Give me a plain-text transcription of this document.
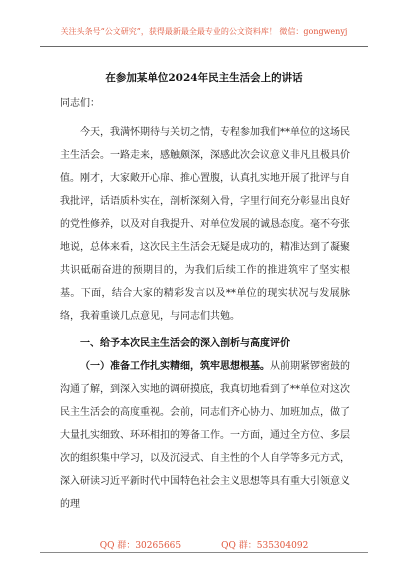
关注头条号“公文研究”，获得最新最全最专业的公文资料库！ 微信：gongwenyj
在参加某单位2024年民主生活会上的讲话

同志们：

今天，我满怀期待与关切之情，专程参加我们**单位的这场民主生活会。一路走来，感触颇深，深感此次会议意义非凡且极具价值。刚才，大家敞开心扉、推心置腹，认真扎实地开展了批评与自我批评，话语质朴实在，剖析深刻入骨，字里行间充分彰显出良好的党性修养，以及对自我提升、对单位发展的诚恳态度。毫不夸张地说，总体来看，这次民主生活会无疑是成功的，精准达到了凝聚共识砥砺奋进的预期目的，为我们后续工作的推进筑牢了坚实根基。下面，结合大家的精彩发言以及**单位的现实状况与发展脉络，我着重谈几点意见，与同志们共勉。

一、给予本次民主生活会的深入剖析与高度评价

（一）准备工作扎实精细，筑牢思想根基。从前期紧锣密鼓的沟通了解，到深入实地的调研摸底，我真切地看到了**单位对这次民主生活会的高度重视。会前，同志们齐心协力、加班加点，做了大量扎实细致、环环相扣的筹备工作。一方面，通过全方位、多层次的组织集中学习，以及沉浸式、自主性的个人自学等多元方式，深入研读习近平新时代中国特色社会主义思想等具有重大引领意义的理

QQ 群：30265665	QQ 群：535304092
